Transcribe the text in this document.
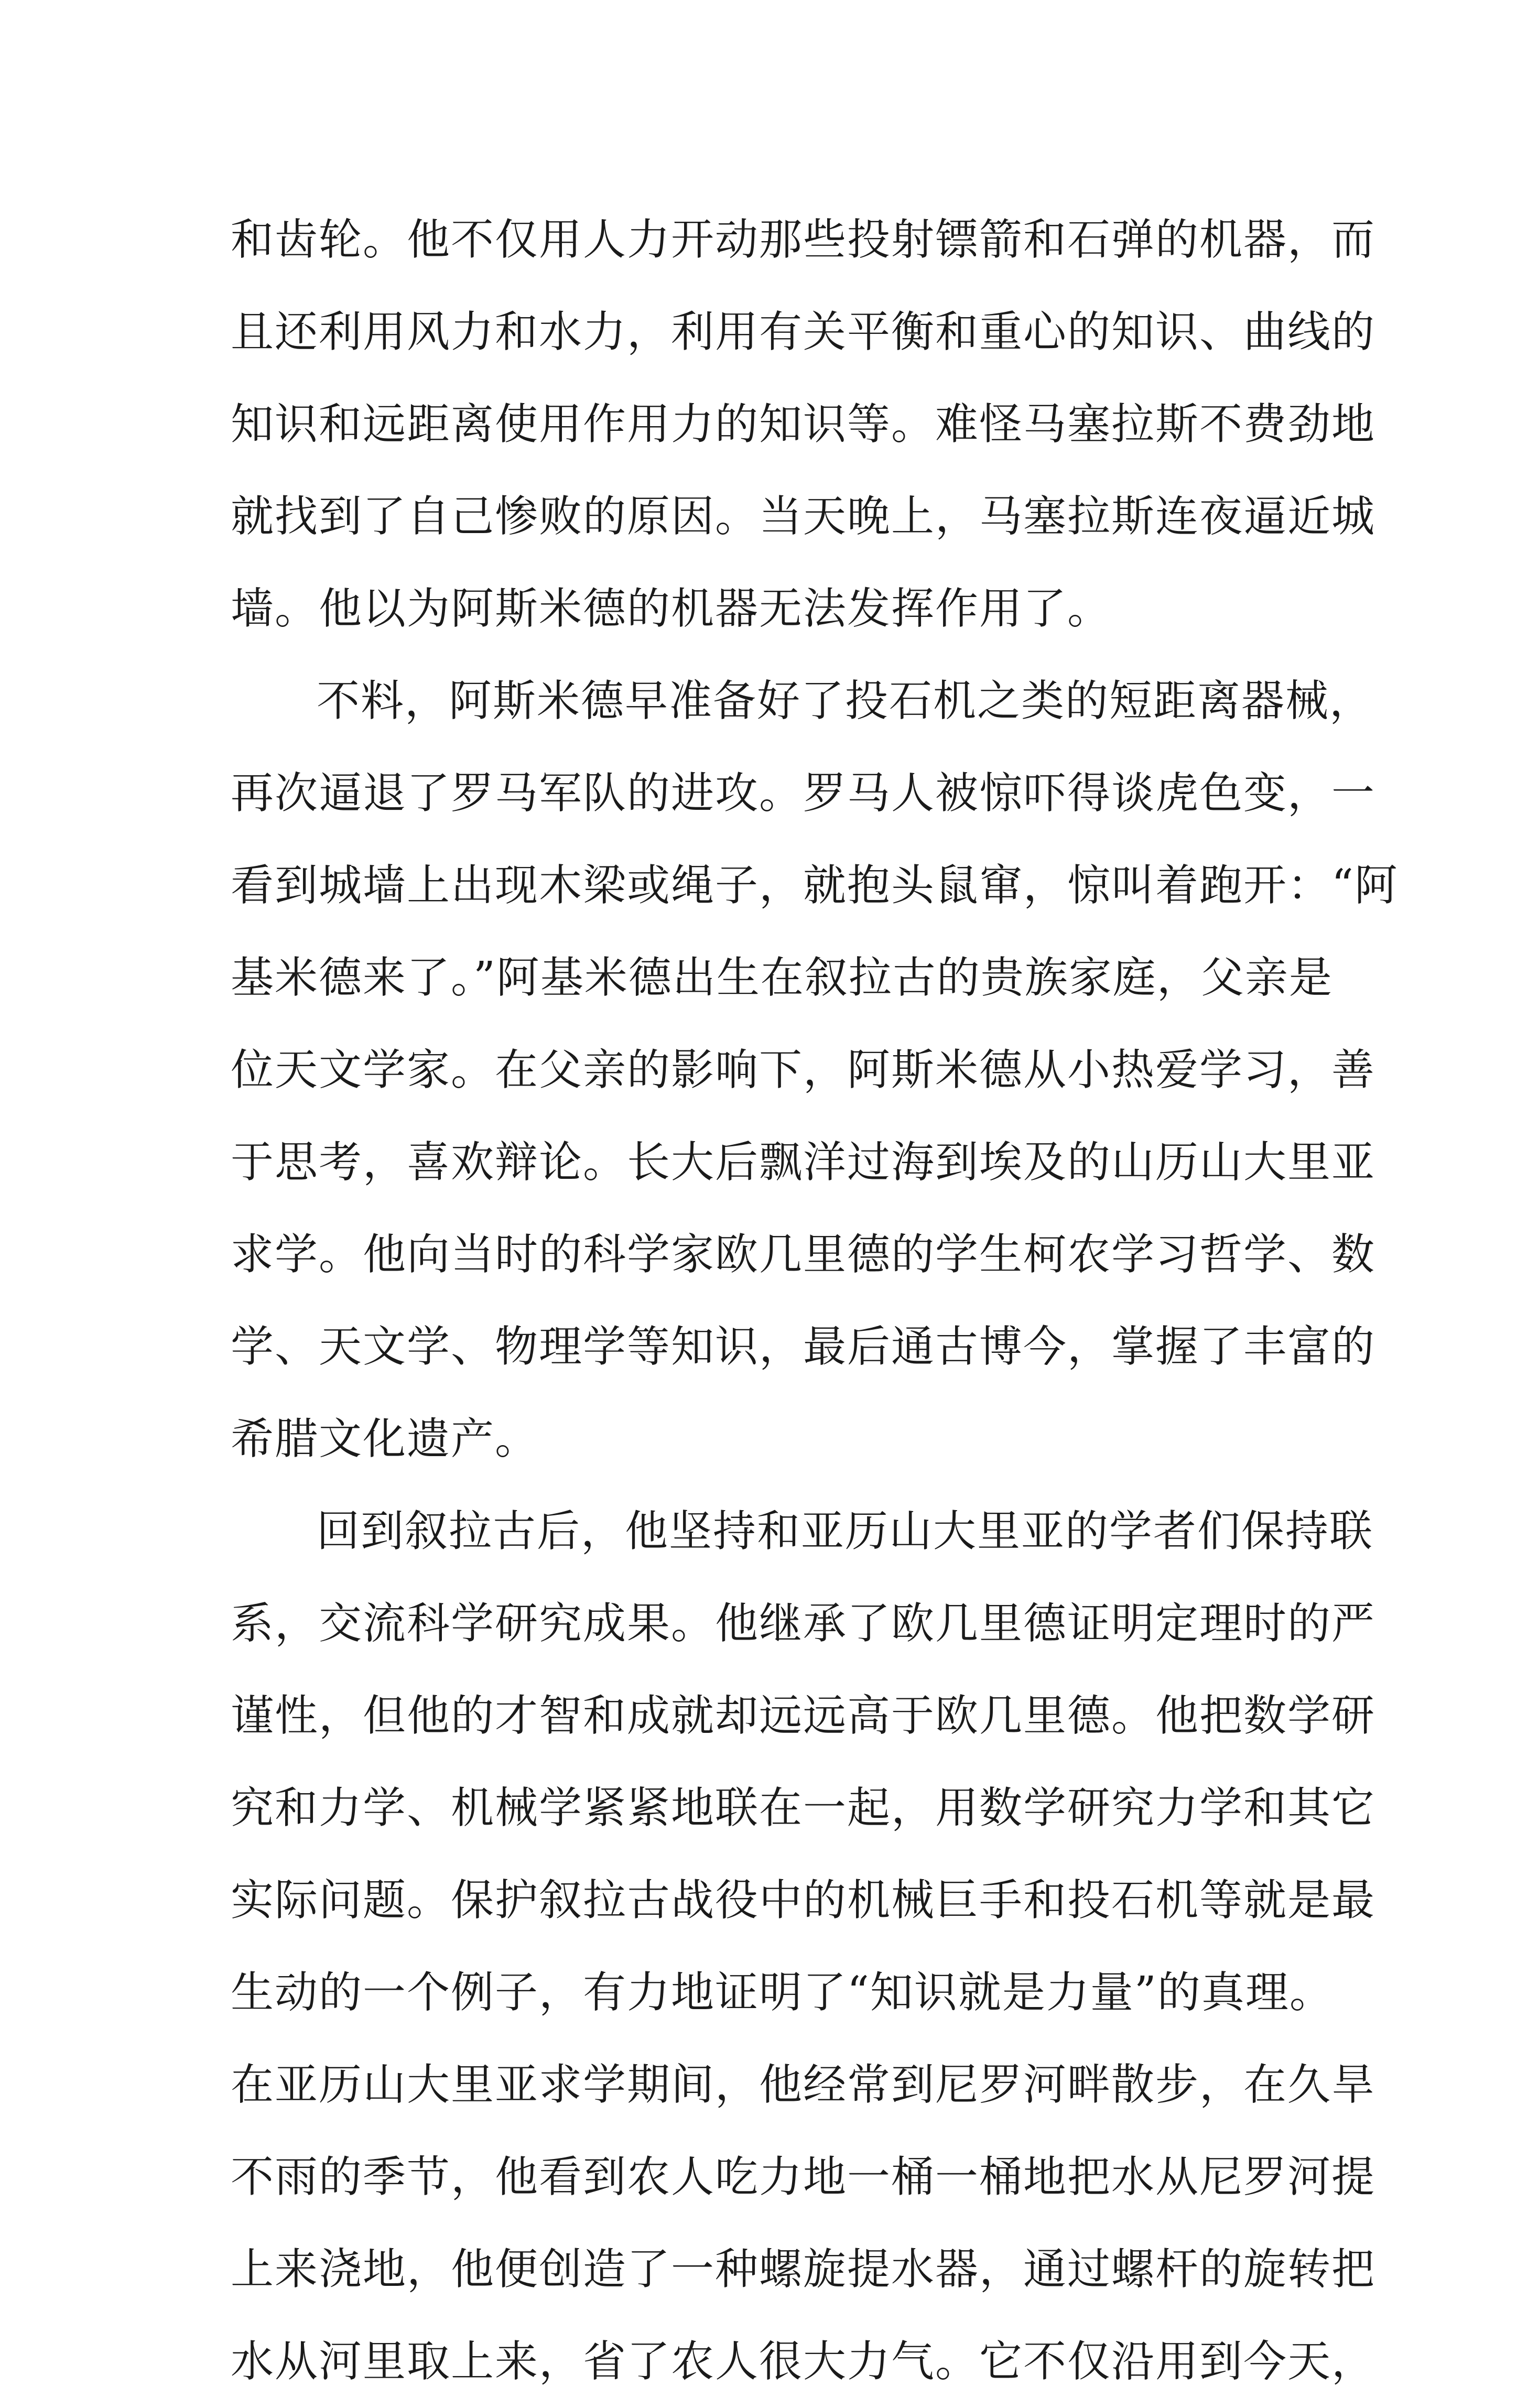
和齿轮。他不仅用人力开动那些投射镖箭和石弹的机器，而
且还利用风力和水力，利用有关平衡和重心的知识、曲线的
知识和远距离使用作用力的知识等。难怪马塞拉斯不费劲地
就找到了自己惨败的原因。当天晚上，马塞拉斯连夜逼近城
墙。他以为阿斯米德的机器无法发挥作用了。
不料，阿斯米德早准备好了投石机之类的短距离器械，
再次逼退了罗马军队的进攻。罗马人被惊吓得谈虎色变，一
看到城墙上出现木梁或绳子，就抱头鼠窜，惊叫着跑开：“阿
基米德来了。”阿基米德出生在叙拉古的贵族家庭，父亲是
位天文学家。在父亲的影响下，阿斯米德从小热爱学习，善
于思考，喜欢辩论。长大后飘洋过海到埃及的山历山大里亚
求学。他向当时的科学家欧几里德的学生柯农学习哲学、数
学、天文学、物理学等知识，最后通古博今，掌握了丰富的
希腊文化遗产。
回到叙拉古后，他坚持和亚历山大里亚的学者们保持联
系，交流科学研究成果。他继承了欧几里德证明定理时的严
谨性，但他的才智和成就却远远高于欧几里德。他把数学研
究和力学、机械学紧紧地联在一起，用数学研究力学和其它
实际问题。保护叙拉古战役中的机械巨手和投石机等就是最
生动的一个例子，有力地证明了“知识就是力量”的真理。
在亚历山大里亚求学期间，他经常到尼罗河畔散步，在久旱
不雨的季节，他看到农人吃力地一桶一桶地把水从尼罗河提
上来浇地，他便创造了一种螺旋提水器，通过螺杆的旋转把
水从河里取上来，省了农人很大力气。它不仅沿用到今天，
